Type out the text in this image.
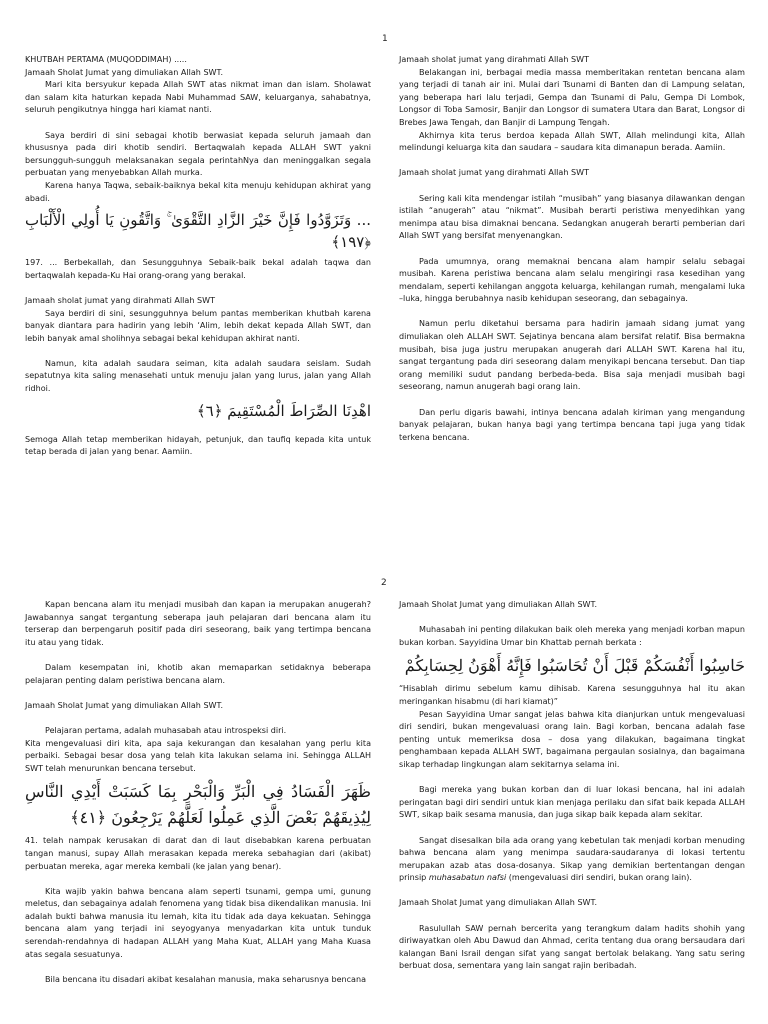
1

KHUTBAH PERTAMA (MUQODDIMAH) .....

Jamaah Sholat Jumat yang dimuliakan Allah SWT.

Mari kita bersyukur kepada Allah SWT atas nikmat iman dan islam. Sholawat dan salam kita haturkan kepada Nabi Muhammad SAW, keluarganya, sahabatnya, seluruh pengikutnya hingga hari kiamat nanti.

Saya berdiri di sini sebagai khotib berwasiat kepada seluruh jamaah dan khususnya pada diri khotib sendiri. Bertaqwalah kepada ALLAH SWT yakni bersungguh-sungguh melaksanakan segala perintahNya dan meninggalkan segala perbuatan yang menyebabkan Allah murka.

Karena hanya Taqwa, sebaik-baiknya bekal kita menuju kehidupan akhirat yang abadi.

... وَتَزَوَّدُوا فَإِنَّ خَيْرَ الزَّادِ التَّقْوَىٰ ۚ وَاتَّقُونِ يَا أُولِي الْأَلْبَابِ ﴿١٩٧﴾

197. ... Berbekallah, dan Sesungguhnya Sebaik-baik bekal adalah taqwa dan bertaqwalah kepada-Ku Hai orang-orang yang berakal.

Jamaah sholat jumat yang dirahmati Allah SWT

Saya berdiri di sini, sesungguhnya belum pantas memberikan khutbah karena banyak diantara para hadirin yang lebih ‘Alim, lebih dekat kepada Allah SWT, dan lebih banyak amal sholihnya sebagai bekal kehidupan akhirat nanti.

Namun, kita adalah saudara seiman, kita adalah saudara seislam. Sudah sepatutnya kita saling menasehati untuk menuju jalan yang lurus, jalan yang Allah ridhoi.

اهْدِنَا الصِّرَاطَ الْمُسْتَقِيمَ ﴿٦﴾

Semoga Allah tetap memberikan hidayah, petunjuk, dan taufiq kepada kita untuk tetap berada di jalan yang benar. Aamiin.

Jamaah sholat jumat yang dirahmati Allah SWT

Belakangan ini, berbagai media massa memberitakan rentetan bencana alam yang terjadi di tanah air ini. Mulai dari Tsunami di Banten dan di Lampung selatan, yang beberapa hari lalu terjadi, Gempa dan Tsunami di Palu, Gempa Di Lombok, Longsor di Toba Samosir, Banjir dan Longsor di sumatera Utara dan Barat, Longsor di Brebes Jawa Tengah, dan Banjir di Lampung Tengah.

Akhirnya kita terus berdoa kepada Allah SWT, Allah melindungi kita, Allah melindungi keluarga kita dan saudara – saudara kita dimanapun berada. Aamiin.

Jamaah sholat jumat yang dirahmati Allah SWT

Sering kali kita mendengar istilah “musibah” yang biasanya dilawankan dengan istilah “anugerah” atau “nikmat”. Musibah berarti peristiwa menyedihkan yang menimpa atau bisa dimaknai bencana. Sedangkan anugerah berarti pemberian dari Allah SWT yang bersifat menyenangkan.

Pada umumnya, orang memaknai bencana alam hampir selalu sebagai musibah. Karena peristiwa bencana alam selalu mengiringi rasa kesedihan yang mendalam, seperti kehilangan anggota keluarga, kehilangan rumah, mengalami luka –luka, hingga berubahnya nasib kehidupan seseorang, dan sebagainya.

Namun perlu diketahui bersama para hadirin jamaah sidang jumat yang dimuliakan oleh ALLAH SWT. Sejatinya bencana alam bersifat relatif. Bisa bermakna musibah, bisa juga justru merupakan anugerah dari ALLAH SWT. Karena hal itu, sangat tergantung pada diri seseorang dalam menyikapi bencana tersebut. Dan tiap orang memiliki sudut pandang berbeda-beda. Bisa saja menjadi musibah bagi seseorang, namun anugerah bagi orang lain.

Dan perlu digaris bawahi, intinya bencana adalah kiriman yang mengandung banyak pelajaran, bukan hanya bagi yang tertimpa bencana tapi juga yang tidak terkena bencana.

2

Kapan bencana alam itu menjadi musibah dan kapan ia merupakan anugerah? Jawabannya sangat tergantung seberapa jauh pelajaran dari bencana alam itu terserap dan berpengaruh positif pada diri seseorang, baik yang tertimpa bencana itu atau yang tidak.

Dalam kesempatan ini, khotib akan memaparkan setidaknya beberapa pelajaran penting dalam peristiwa bencana alam.

Jamaah Sholat Jumat yang dimuliakan Allah SWT.

Pelajaran pertama, adalah muhasabah atau introspeksi diri.

Kita mengevaluasi diri kita, apa saja kekurangan dan kesalahan yang perlu kita perbaiki. Sebagai besar dosa yang telah kita lakukan selama ini. Sehingga ALLAH SWT telah menurunkan bencana tersebut.

ظَهَرَ الْفَسَادُ فِي الْبَرِّ وَالْبَحْرِ بِمَا كَسَبَتْ أَيْدِي النَّاسِ لِيُذِيقَهُمْ بَعْضَ الَّذِي عَمِلُوا لَعَلَّهُمْ يَرْجِعُونَ ﴿٤١﴾

41. telah nampak kerusakan di darat dan di laut disebabkan karena perbuatan tangan manusi, supay Allah merasakan kepada mereka sebahagian dari (akibat) perbuatan mereka, agar mereka kembali (ke jalan yang benar).

Kita wajib yakin bahwa bencana alam seperti tsunami, gempa umi, gunung meletus, dan sebagainya adalah fenomena yang tidak bisa dikendalikan manusia. Ini adalah bukti bahwa manusia itu lemah, kita itu tidak ada daya kekuatan. Sehingga bencana alam yang terjadi ini seyogyanya menyadarkan kita untuk tunduk serendah-rendahnya di hadapan ALLAH yang Maha Kuat, ALLAH yang Maha Kuasa atas segala sesuatunya.

Bila bencana itu disadari akibat kesalahan manusia, maka seharusnya bencana

Jamaah Sholat Jumat yang dimuliakan Allah SWT.

Muhasabah ini penting dilakukan baik oleh mereka yang menjadi korban mapun bukan korban. Sayyidina Umar bin Khattab pernah berkata :

حَاسِبُوا أَنْفُسَكُمْ قَبْلَ أَنْ تُحَاسَبُوا فَإِنَّهُ أَهْوَنُ لِحِسَابِكُمْ

“Hisablah dirimu sebelum kamu dihisab. Karena sesungguhnya hal itu akan meringankan hisabmu (di hari kiamat)”

Pesan Sayyidina Umar sangat jelas bahwa kita dianjurkan untuk mengevaluasi diri sendiri, bukan mengevaluasi orang lain. Bagi korban, bencana adalah fase penting untuk memeriksa dosa – dosa yang dilakukan, bagaimana tingkat penghambaan kepada ALLAH SWT, bagaimana pergaulan sosialnya, dan bagaimana sikap terhadap lingkungan alam sekitarnya selama ini.

Bagi mereka yang bukan korban dan di luar lokasi bencana, hal ini adalah peringatan bagi diri sendiri untuk kian menjaga perilaku dan sifat baik kepada ALLAH SWT, sikap baik sesama manusia, dan juga sikap baik kepada alam sekitar.

Sangat disesalkan bila ada orang yang kebetulan tak menjadi korban menuding bahwa bencana alam yang menimpa saudara-saudaranya di lokasi tertentu merupakan azab atas dosa-dosanya. Sikap yang demikian bertentangan dengan prinsip muhasabatun nafsi (mengevaluasi diri sendiri, bukan orang lain).

Jamaah Sholat Jumat yang dimuliakan Allah SWT.

Rasulullah SAW pernah bercerita yang terangkum dalam hadits shohih yang diriwayatkan oleh Abu Dawud dan Ahmad, cerita tentang dua orang bersaudara dari kalangan Bani Israil dengan sifat yang sangat bertolak belakang. Yang satu sering berbuat dosa, sementara yang lain sangat rajin beribadah.
